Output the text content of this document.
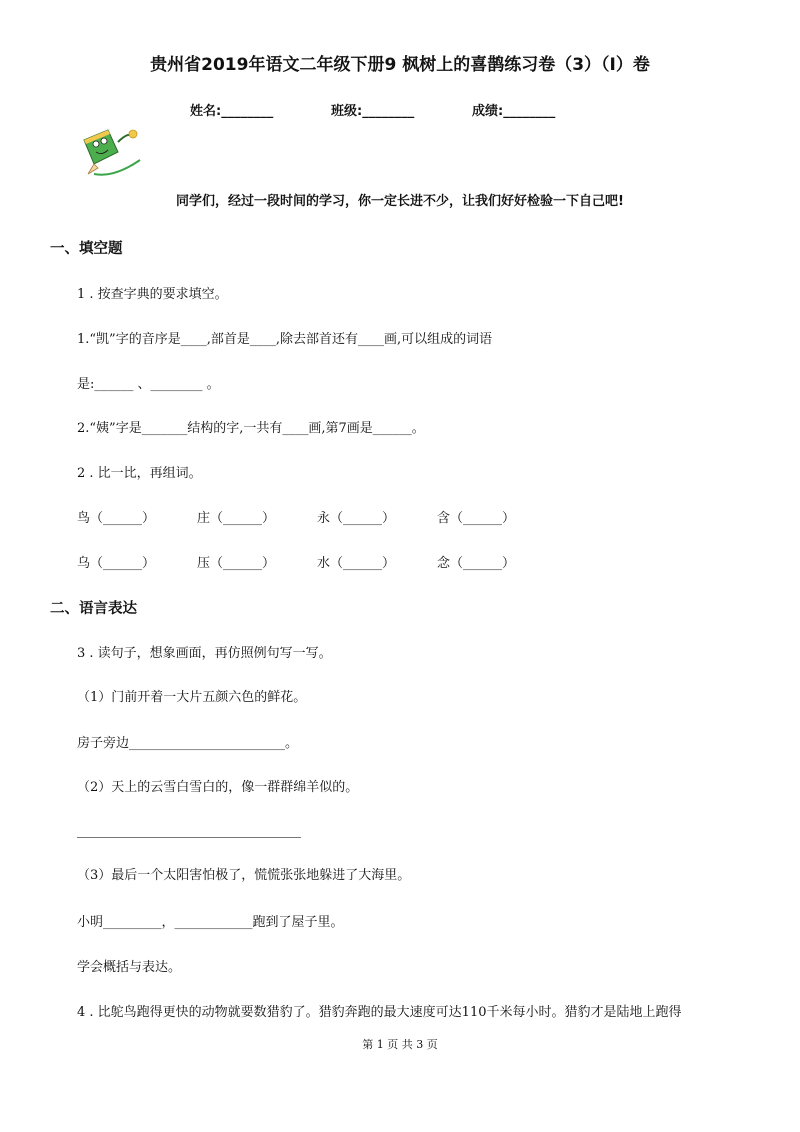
贵州省2019年语文二年级下册9 枫树上的喜鹊练习卷（3）（I）卷
姓名:________	班级:________	成绩:________
同学们，经过一段时间的学习，你一定长进不少，让我们好好检验一下自己吧!
一、填空题
1 . 按查字典的要求填空。
1.“凯”字的音序是____,部首是____,除去部首还有____画,可以组成的词语
是:______ 、________ 。
2.“姨”字是_______结构的字,一共有____画,第7画是______。
2 . 比一比，再组词。
鸟（______）	庄（______）	永（______）	含（______）
乌（______）	压（______）	水（______）	念（______）
二、语言表达
3 . 读句子，想象画面，再仿照例句写一写。
（1）门前开着一大片五颜六色的鲜花。
房子旁边________________________。
（2）天上的云雪白雪白的，像一群群绵羊似的。
（3）最后一个太阳害怕极了，慌慌张张地躲进了大海里。
小明_________，____________跑到了屋子里。
学会概括与表达。
4 . 比鸵鸟跑得更快的动物就要数猎豹了。猎豹奔跑的最大速度可达110千米每小时。猎豹才是陆地上跑得
第 1 页 共 3 页
